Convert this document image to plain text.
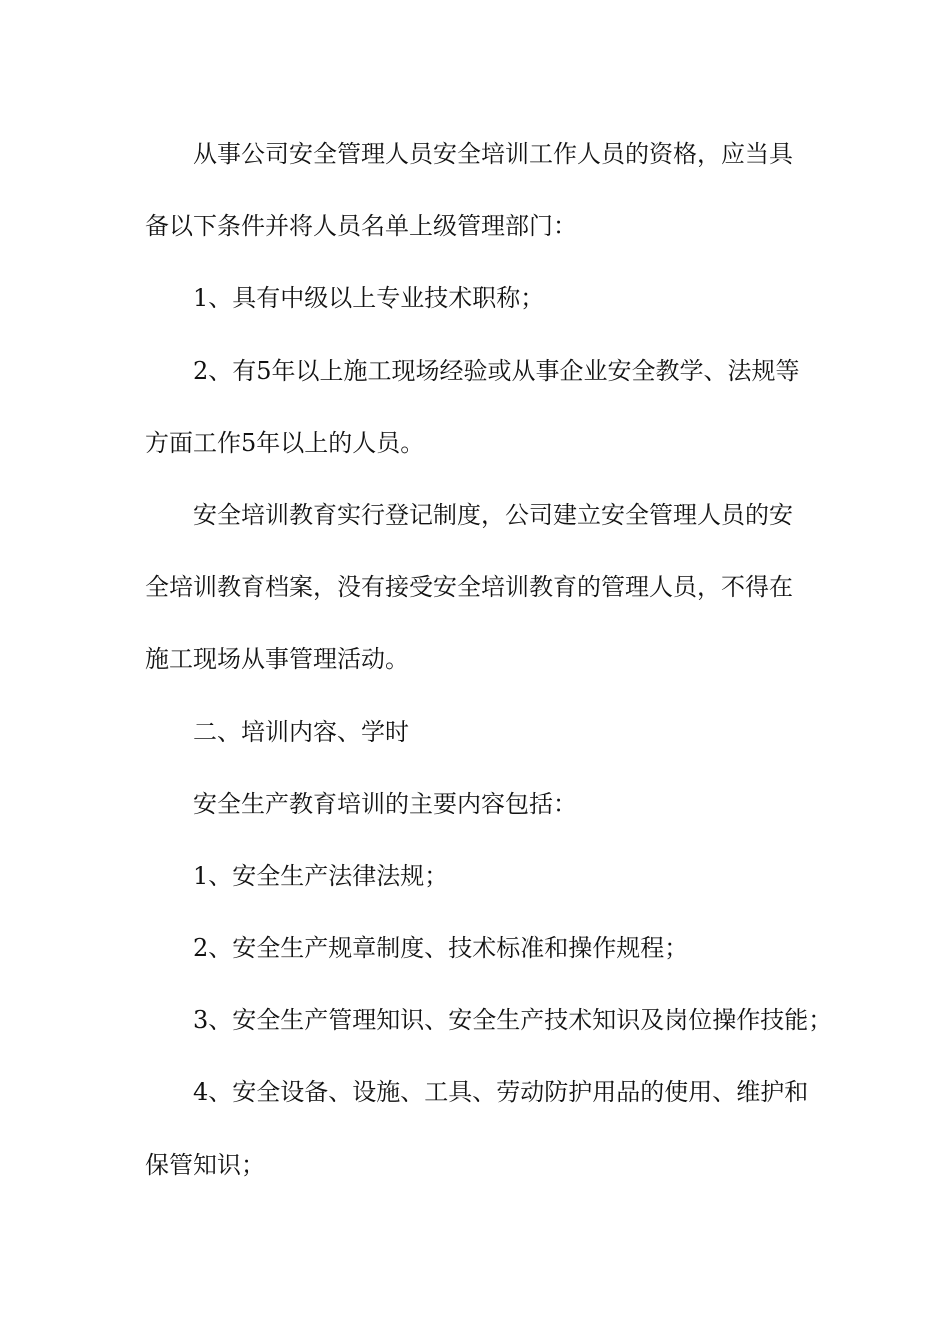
从事公司安全管理人员安全培训工作人员的资格，应当具
备以下条件并将人员名单上级管理部门：
1、具有中级以上专业技术职称；
2、有5年以上施工现场经验或从事企业安全教学、法规等
方面工作5年以上的人员。
安全培训教育实行登记制度，公司建立安全管理人员的安
全培训教育档案，没有接受安全培训教育的管理人员，不得在
施工现场从事管理活动。
二、培训内容、学时
安全生产教育培训的主要内容包括：
1、安全生产法律法规；
2、安全生产规章制度、技术标准和操作规程；
3、安全生产管理知识、安全生产技术知识及岗位操作技能；
4、安全设备、设施、工具、劳动防护用品的使用、维护和
保管知识；
